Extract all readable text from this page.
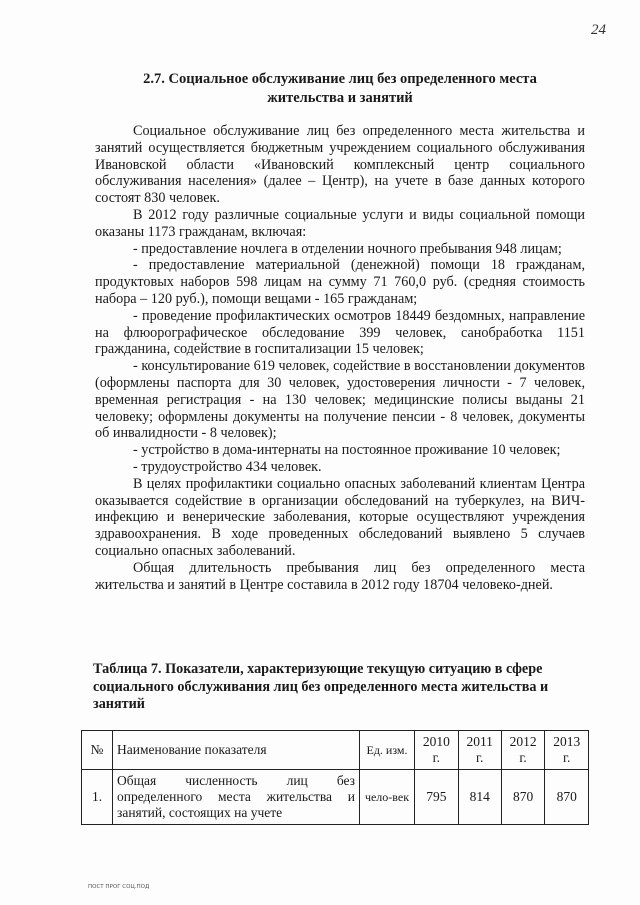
24
2.7. Социальное обслуживание лиц без определенного места
жительства и занятий

Социальное обслуживание лиц без определенного места жительства и занятий осуществляется бюджетным учреждением социального обслуживания Ивановской области «Ивановский комплексный центр социального обслуживания населения» (далее – Центр), на учете в базе данных которого состоят 830 человек.

В 2012 году различные социальные услуги и виды социальной помощи оказаны 1173 гражданам, включая:

- предоставление ночлега в отделении ночного пребывания 948 лицам;

- предоставление материальной (денежной) помощи 18 гражданам, продуктовых наборов 598 лицам на сумму 71 760,0 руб. (средняя стоимость набора – 120 руб.), помощи вещами - 165 гражданам;

- проведение профилактических осмотров 18449 бездомных, направление на флюорографическое обследование 399 человек, санобработка 1151 гражданина, содействие в госпитализации 15 человек;

- консультирование 619 человек, содействие в восстановлении документов (оформлены паспорта для 30 человек, удостоверения личности - 7 человек, временная регистрация - на 130 человек; медицинские полисы выданы 21 человеку; оформлены документы на получение пенсии - 8 человек, документы об инвалидности - 8 человек);

- устройство в дома-интернаты на постоянное проживание 10 человек;

- трудоустройство 434 человек.

В целях профилактики социально опасных заболеваний клиентам Центра оказывается содействие в организации обследований на туберкулез, на ВИЧ-инфекцию и венерические заболевания, которые осуществляют учреждения здравоохранения. В ходе проведенных обследований выявлено 5 случаев социально опасных заболеваний.

Общая длительность пребывания лиц без определенного места жительства и занятий в Центре составила в 2012 году 18704 человеко-дней.

Таблица 7. Показатели, характеризующие текущую ситуацию в сфере социального обслуживания лиц без определенного места жительства и занятий
№	Наименование показателя	Ед. изм.	2010 г.	2011 г.	2012 г.	2013 г.
1.	Общая численность лиц без определенного места жительства и занятий, состоящих на учете	чело-век	795	814	870	870
ПОСТ ПРОГ СОЦ.ПОД
